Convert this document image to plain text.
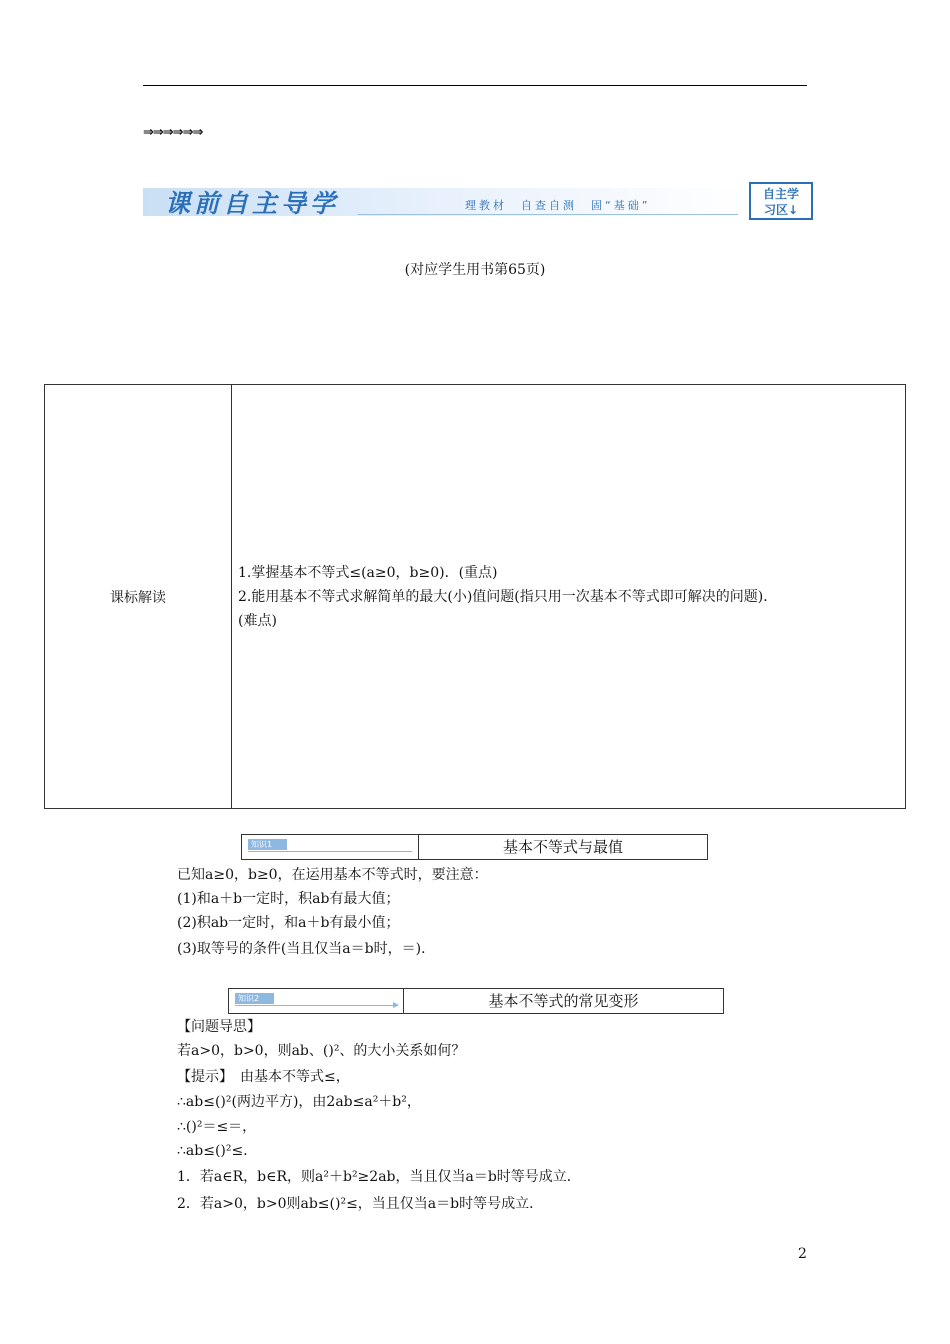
⇒⇒⇒⇒⇒⇒
课前自主导学	理教材　自查自测　固“基础”
自主学
习区↓
(对应学生用书第65页)
课标解读	
1.掌握基本不等式≤(a≥0，b≥0)．(重点)
2.能用基本不等式求解简单的最大(小)值问题(指只用一次基本不等式即可解决的问题)．
(难点)
知识1	基本不等式与最值
已知a≥0，b≥0，在运用基本不等式时，要注意：
(1)和a＋b一定时，积ab有最大值；
(2)积ab一定时，和a＋b有最小值；
(3)取等号的条件(当且仅当a＝b时，＝)．
知识2	基本不等式的常见变形
【问题导思】
若a>0，b>0，则ab、()²、的大小关系如何？
【提示】　由基本不等式≤，
∴ab≤()²(两边平方)，由2ab≤a²＋b²，
∴()²＝≤＝，
∴ab≤()²≤．
1．若a∈R，b∈R，则a²＋b²≥2ab，当且仅当a＝b时等号成立．
2．若a>0，b>0则ab≤()²≤，当且仅当a＝b时等号成立．
2
